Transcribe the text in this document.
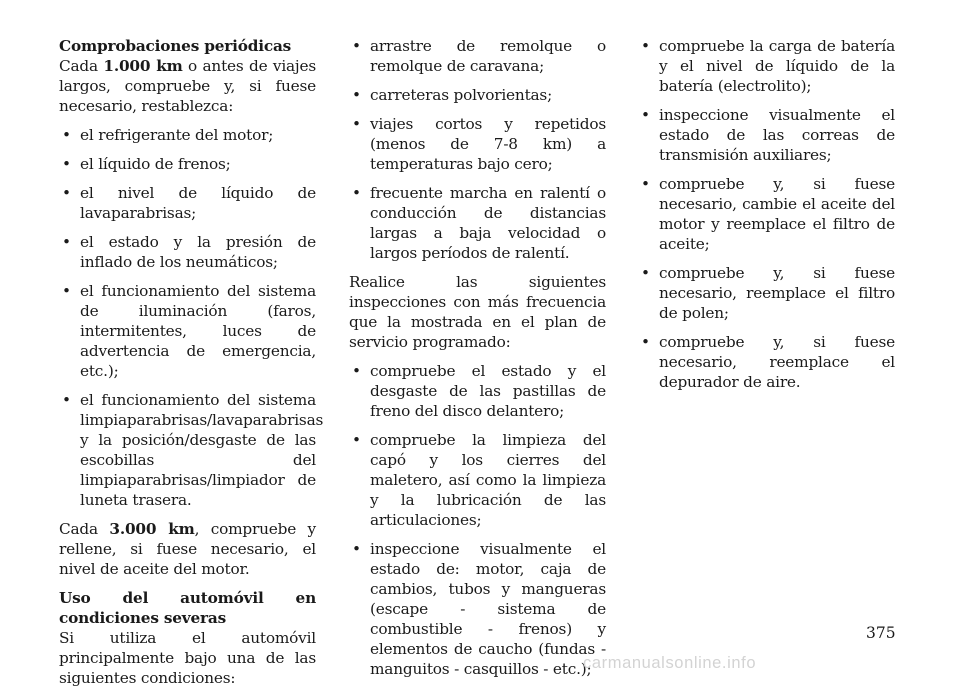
Comprobaciones periódicas

Cada 1.000 km o antes de viajes largos, compruebe y, si fuese necesario, restablezca:

• el refrigerante del motor;
• el líquido de frenos;
• el nivel de líquido de lavaparabrisas;
• el estado y la presión de inflado de los neumáticos;
• el funcionamiento del sistema de iluminación (faros, intermitentes, luces de advertencia de emergencia, etc.);
• el funcionamiento del sistema limpiaparabrisas/lavaparabrisas y la posición/desgaste de las escobillas del limpiaparabrisas/limpiador de luneta trasera.

Cada 3.000 km, compruebe y rellene, si fuese necesario, el nivel de aceite del motor.

Uso del automóvil en condiciones severas

Si utiliza el automóvil principalmente bajo una de las siguientes condiciones:

• arrastre de remolque o remolque de caravana;
• carreteras polvorientas;
• viajes cortos y repetidos (menos de 7-8 km) a temperaturas bajo cero;
• frecuente marcha en ralentí o conducción de distancias largas a baja velocidad o largos períodos de ralentí.

Realice las siguientes inspecciones con más frecuencia que la mostrada en el plan de servicio programado:

• compruebe el estado y el desgaste de las pastillas de freno del disco delantero;
• compruebe la limpieza del capó y los cierres del maletero, así como la limpieza y la lubricación de las articulaciones;
• inspeccione visualmente el estado de: motor, caja de cambios, tubos y mangueras (escape - sistema de combustible - frenos) y elementos de caucho (fundas - manguitos - casquillos - etc.);
• compruebe la carga de batería y el nivel de líquido de la batería (electrolito);
• inspeccione visualmente el estado de las correas de transmisión auxiliares;
• compruebe y, si fuese necesario, cambie el aceite del motor y reemplace el filtro de aceite;
• compruebe y, si fuese necesario, reemplace el filtro de polen;
• compruebe y, si fuese necesario, reemplace el depurador de aire.
375
carmanualsonline.info
